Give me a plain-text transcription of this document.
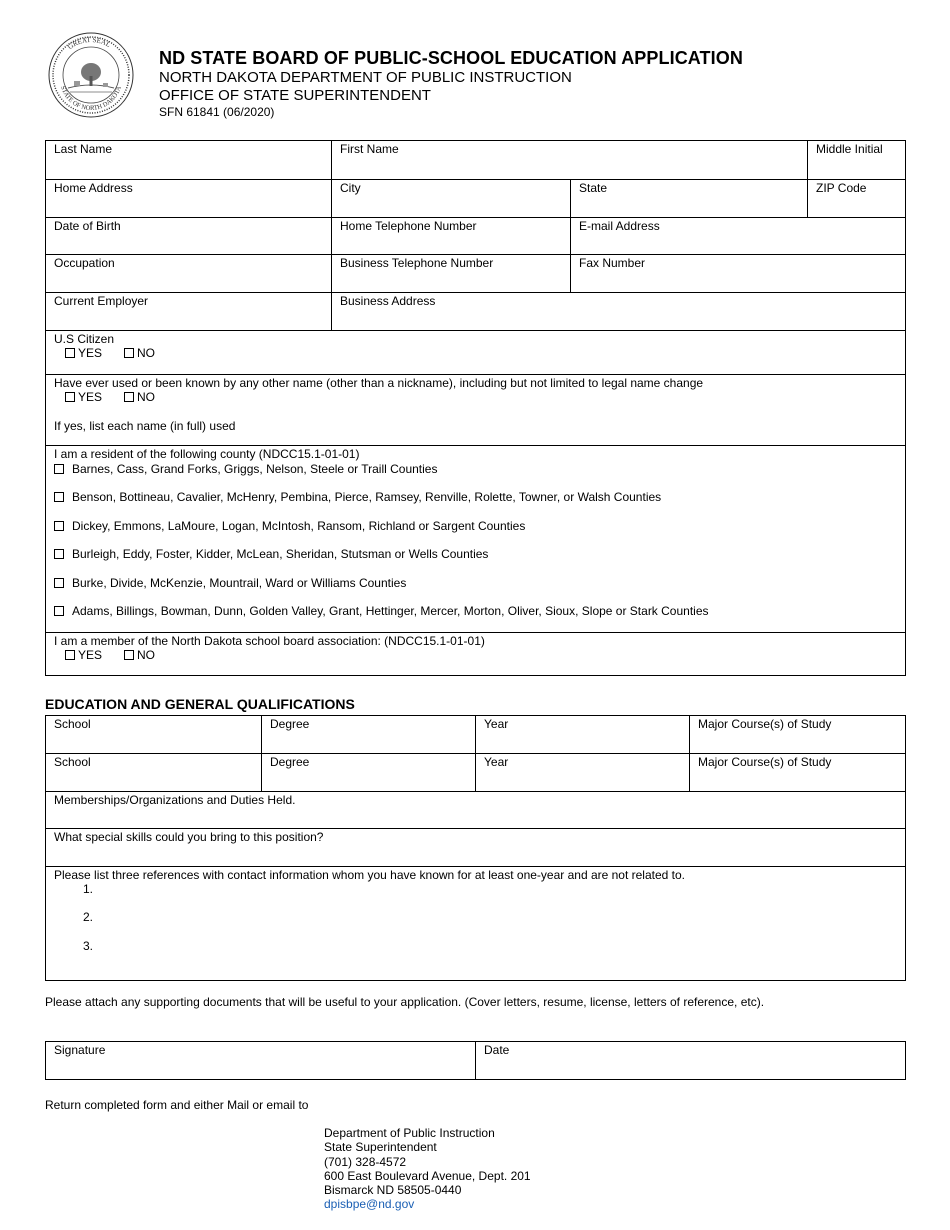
GREAT SEAL
STATE OF NORTH DAKOTA
ND STATE BOARD OF PUBLIC-SCHOOL EDUCATION APPLICATION
NORTH DAKOTA DEPARTMENT OF PUBLIC INSTRUCTION
OFFICE OF STATE SUPERINTENDENT
SFN 61841 (06/2020)
Last Name	First Name	Middle Initial
Home Address	City	State	ZIP Code
Date of Birth	Home Telephone Number	E-mail Address
Occupation	Business Telephone Number	Fax Number
Current Employer	Business Address
U.S Citizen
YES	NO
Have ever used or been known by any other name (other than a nickname), including but not limited to legal name change
YES	NO
If yes, list each name (in full) used
I am a resident of the following county (NDCC15.1-01-01)
Barnes, Cass, Grand Forks, Griggs, Nelson, Steele or Traill Counties
Benson, Bottineau, Cavalier, McHenry, Pembina, Pierce, Ramsey, Renville, Rolette, Towner, or Walsh Counties
Dickey, Emmons, LaMoure, Logan, McIntosh, Ransom, Richland or Sargent Counties
Burleigh, Eddy, Foster, Kidder, McLean, Sheridan, Stutsman or Wells Counties
Burke, Divide, McKenzie, Mountrail, Ward or Williams Counties
Adams, Billings, Bowman, Dunn, Golden Valley, Grant, Hettinger, Mercer, Morton, Oliver, Sioux, Slope or Stark Counties
I am a member of the North Dakota school board association: (NDCC15.1-01-01)
YES	NO
EDUCATION AND GENERAL QUALIFICATIONS
School	Degree	Year	Major Course(s) of Study
School	Degree	Year	Major Course(s) of Study
Memberships/Organizations and Duties Held.
What special skills could you bring to this position?
Please list three references with contact information whom you have known for at least one-year and are not related to.
1.
2.
3.
Please attach any supporting documents that will be useful to your application. (Cover letters, resume, license, letters of reference, etc).
Signature	Date
Return completed form and either Mail or email to
Department of Public Instruction
State Superintendent
(701) 328-4572
600 East Boulevard Avenue, Dept. 201
Bismarck ND 58505-0440
dpisbpe@nd.gov
